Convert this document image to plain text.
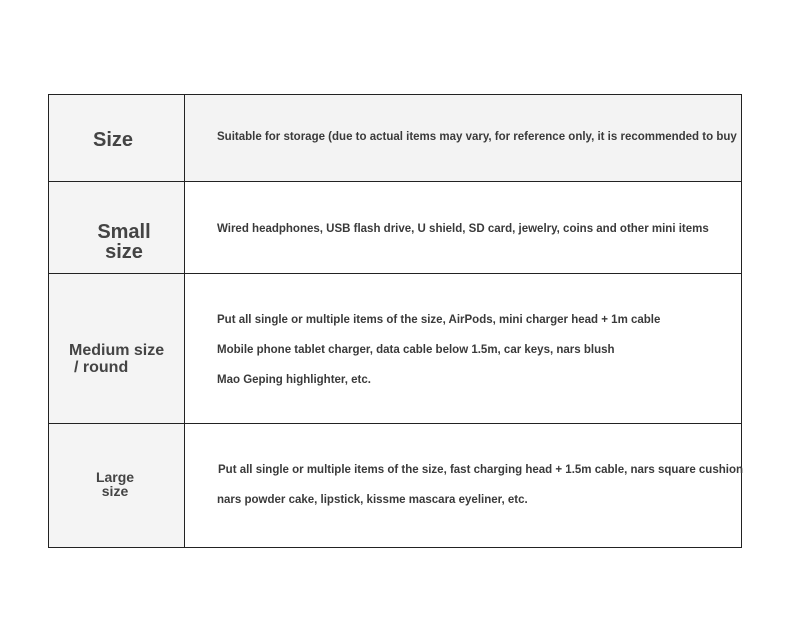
Size	Suitable for storage (due to actual items may vary, for reference only, it is recommended to buy
Small
size
Wired headphones, USB flash drive, U shield, SD card, jewelry, coins and other mini items
Medium size
/ round
Put all single or multiple items of the size, AirPods, mini charger head + 1m cable
Mobile phone tablet charger, data cable below 1.5m, car keys, nars blush
Mao Geping highlighter, etc.
Large
size
Put all single or multiple items of the size, fast charging head + 1.5m cable, nars square cushion
nars powder cake, lipstick, kissme mascara eyeliner, etc.
